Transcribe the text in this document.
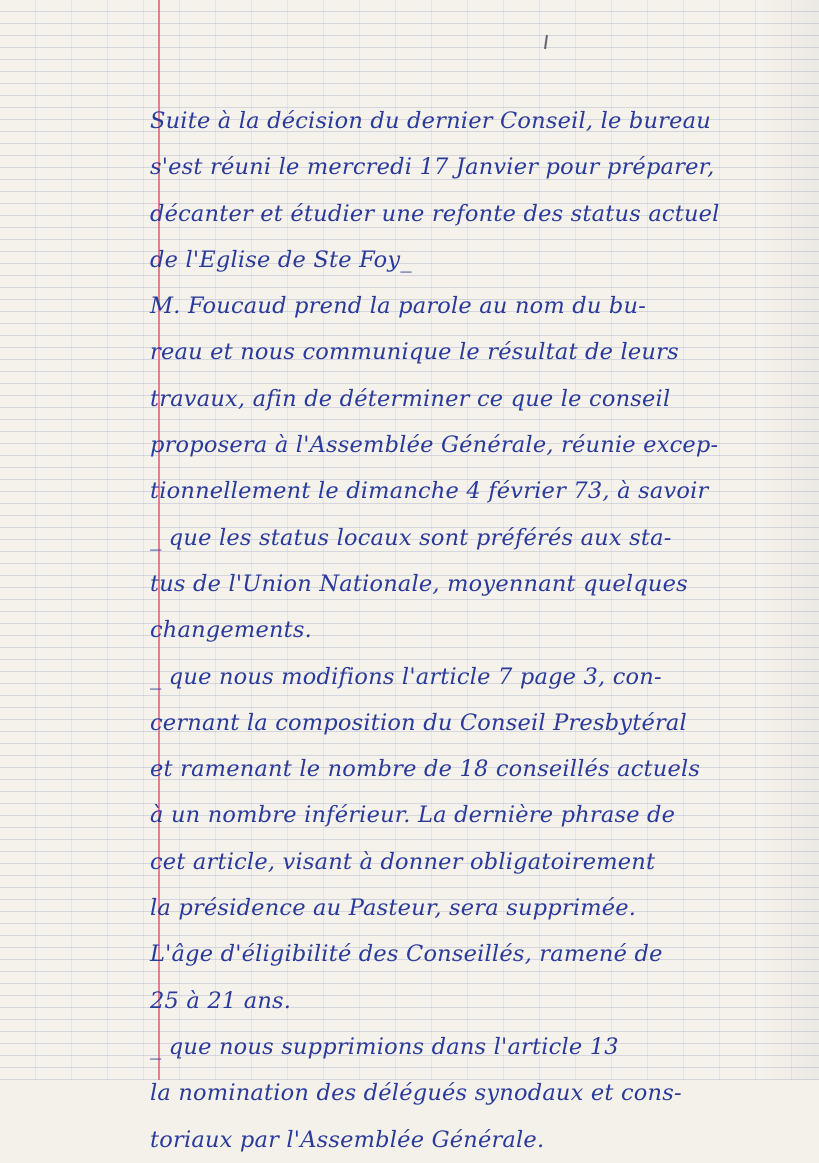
Suite à la décision du dernier Conseil, le bureau
s'est réuni le mercredi 17 Janvier pour préparer,
décanter et étudier une refonte des status actuel
de l'Eglise de Ste Foy_
M. Foucaud prend la parole au nom du bu-
reau et nous communique le résultat de leurs
travaux, afin de déterminer ce que le conseil
proposera à l'Assemblée Générale, réunie excep-
tionnellement le dimanche 4 février 73, à savoir
_ que les status locaux sont préférés aux sta-
tus de l'Union Nationale, moyennant quelques
changements.
_ que nous modifions l'article 7 page 3, con-
cernant la composition du Conseil Presbytéral
et ramenant le nombre de 18 conseillés actuels
à un nombre inférieur. La dernière phrase de
cet article, visant à donner obligatoirement
la présidence au Pasteur, sera supprimée.
L'âge d'éligibilité des Conseillés, ramené de
25 à 21 ans.
_ que nous supprimions dans l'article 13
la nomination des délégués synodaux et cons-
toriaux par l'Assemblée Générale.
